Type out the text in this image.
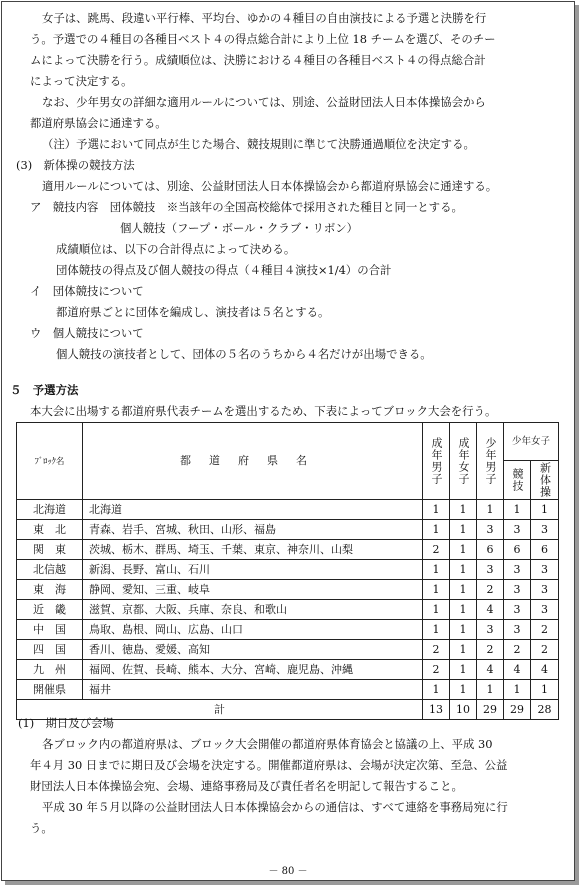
女子は、跳馬、段違い平行棒、平均台、ゆかの４種目の自由演技による予選と決勝を行
う。予選での４種目の各種目ベスト４の得点総合計により上位 18 チームを選び、そのチー
ムによって決勝を行う。成績順位は、決勝における４種目の各種目ベスト４の得点総合計
によって決定する。
なお、少年男女の詳細な適用ルールについては、別途、公益財団法人日本体操協会から
都道府県協会に通達する。
（注）予選において同点が生じた場合、競技規則に準じて決勝通過順位を決定する。
(3)　新体操の競技方法
適用ルールについては、別途、公益財団法人日本体操協会から都道府県協会に通達する。
ア　競技内容　団体競技　※当該年の全国高校総体で採用された種目と同一とする。
個人競技（フープ・ボール・クラブ・リボン）
成績順位は、以下の合計得点によって決める。
団体競技の得点及び個人競技の得点（４種目４演技×1/4）の合計
イ　団体競技について
都道府県ごとに団体を編成し、演技者は５名とする。
ウ　個人競技について
個人競技の演技者として、団体の５名のうちから４名だけが出場できる。
５　予選方法
本大会に出場する都道府県代表チームを選出するため、下表によってブロック大会を行う。
ﾌﾞﾛｯｸ名	都道府県名	成年男子	成年女子	少年男子	少年女子	

					競技	新体操

北海道	北海道	1	1	1	1	1
東　北	青森、岩手、宮城、秋田、山形、福島	1	1	3	3	3
関　東	茨城、栃木、群馬、埼玉、千葉、東京、神奈川、山梨	2	1	6	6	6
北信越	新潟、長野、富山、石川	1	1	3	3	3
東　海	静岡、愛知、三重、岐阜	1	1	2	3	3
近　畿	滋賀、京都、大阪、兵庫、奈良、和歌山	1	1	4	3	3
中　国	鳥取、島根、岡山、広島、山口	1	1	3	3	2
四　国	香川、徳島、愛媛、高知	2	1	2	2	2
九　州	福岡、佐賀、長崎、熊本、大分、宮崎、鹿児島、沖縄	2	1	4	4	4
開催県	福井	1	1	1	1	1
計		13	10	29	29	28
(1)　期日及び会場
各ブロック内の都道府県は、ブロック大会開催の都道府県体育協会と協議の上、平成 30
年４月 30 日までに期日及び会場を決定する。開催都道府県は、会場が決定次第、至急、公益
財団法人日本体操協会宛、会場、連絡事務局及び責任者名を明記して報告すること。
平成 30 年５月以降の公益財団法人日本体操協会からの通信は、すべて連絡を事務局宛に行
う。
－ 80 －
